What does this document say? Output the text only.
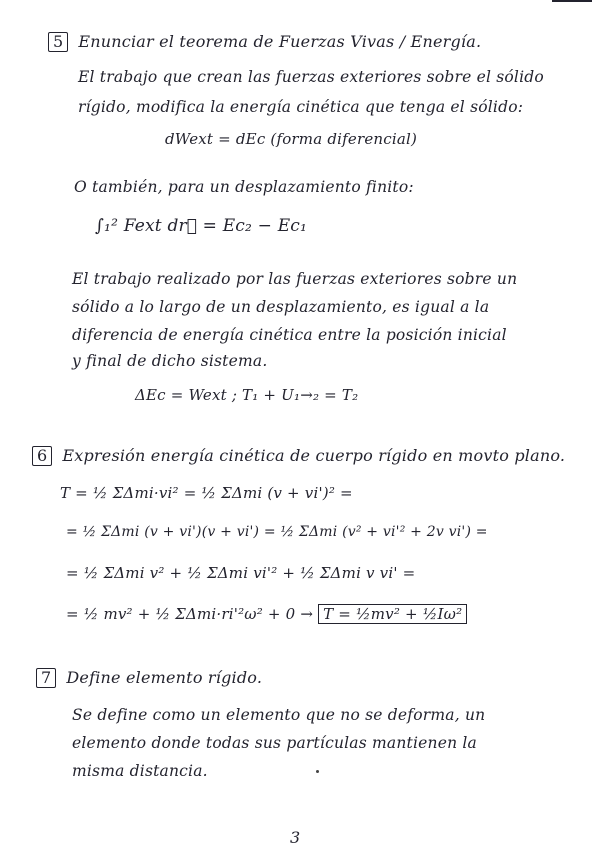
5 Enunciar el teorema de Fuerzas Vivas / Energía.
El trabajo que crean las fuerzas exteriores sobre el sólido
rígido, modifica la energía cinética que tenga el sólido:
dWext = dEc (forma diferencial)
O también, para un desplazamiento finito:
∫₁² Fext dr⃗ = Ec₂ − Ec₁
El trabajo realizado por las fuerzas exteriores sobre un
sólido a lo largo de un desplazamiento, es igual a la
diferencia de energía cinética entre la posición inicial
y final de dicho sistema.
ΔEc = Wext ; T₁ + U₁→₂ = T₂
6 Expresión energía cinética de cuerpo rígido en movto plano.
T = ½ ΣΔmi·vi² = ½ ΣΔmi (v + vi')² =
= ½ ΣΔmi (v + vi')(v + vi') = ½ ΣΔmi (v² + vi'² + 2v vi') =
= ½ ΣΔmi v² + ½ ΣΔmi vi'² + ½ ΣΔmi v vi' =
= ½ mv² + ½ ΣΔmi·ri'²ω² + 0 → T = ½mv² + ½Iω²
7 Define elemento rígido.
Se define como un elemento que no se deforma, un
elemento donde todas sus partículas mantienen la
misma distancia.
3
